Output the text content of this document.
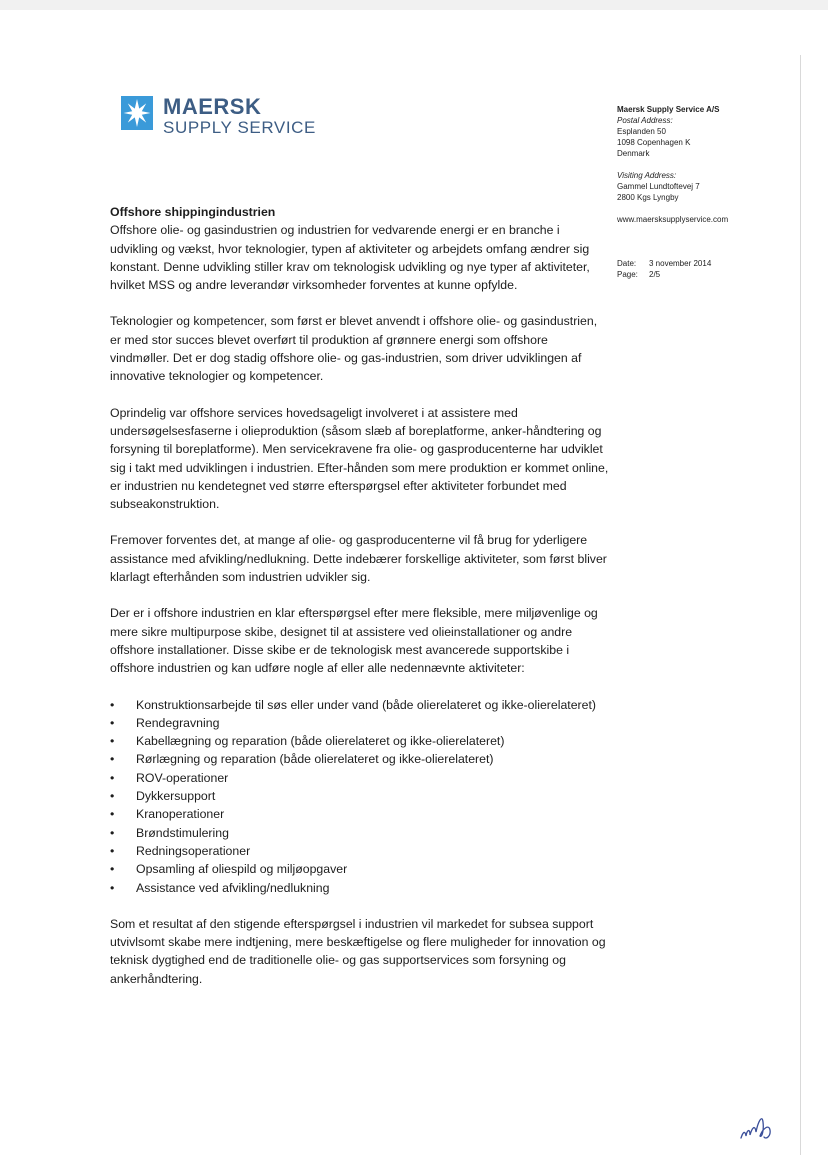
MAERSK
SUPPLY SERVICE
Maersk Supply Service A/S
Postal Address:
Esplanden 50
1098 Copenhagen K
Denmark
Visiting Address:
Gammel Lundtoftevej 7
2800 Kgs Lyngby
www.maersksupplyservice.com
Date:	3 november 2014
Page:	2/5
Offshore shippingindustrien

Offshore olie- og gasindustrien og industrien for vedvarende energi er en branche i udvikling og vækst, hvor teknologier, typen af aktiviteter og arbejdets omfang ændrer sig konstant. Denne udvikling stiller krav om teknologisk udvikling og nye typer af aktiviteter, hvilket MSS og andre leverandør virksomheder forventes at kunne opfylde.

Teknologier og kompetencer, som først er blevet anvendt i offshore olie- og gasindustrien, er med stor succes blevet overført til produktion af grønnere energi som offshore vindmøller. Det er dog stadig offshore olie- og gas-industrien, som driver udviklingen af innovative teknologier og kompetencer.

Oprindelig var offshore services hovedsageligt involveret i at assistere med undersøgelsesfaserne i olieproduktion (såsom slæb af boreplatforme, anker-håndtering og forsyning til boreplatforme). Men servicekravene fra olie- og gasproducenterne har udviklet sig i takt med udviklingen i industrien. Efter-hånden som mere produktion er kommet online, er industrien nu kendetegnet ved større efterspørgsel efter aktiviteter forbundet med subseakonstruktion.

Fremover forventes det, at mange af olie- og gasproducenterne vil få brug for yderligere assistance med afvikling/nedlukning. Dette indebærer forskellige aktiviteter, som først bliver klarlagt efterhånden som industrien udvikler sig.

Der er i offshore industrien en klar efterspørgsel efter mere fleksible, mere miljøvenlige og mere sikre multipurpose skibe, designet til at assistere ved olieinstallationer og andre offshore installationer. Disse skibe er de teknologisk mest avancerede supportskibe i offshore industrien og kan udføre nogle af eller alle nedennævnte aktiviteter:

• Konstruktionsarbejde til søs eller under vand (både olierelateret og ikke-olierelateret)
• Rendegravning
• Kabellægning og reparation (både olierelateret og ikke-olierelateret)
• Rørlægning og reparation (både olierelateret og ikke-olierelateret)
• ROV-operationer
• Dykkersupport
• Kranoperationer
• Brøndstimulering
• Redningsoperationer
• Opsamling af oliespild og miljøopgaver
• Assistance ved afvikling/nedlukning

Som et resultat af den stigende efterspørgsel i industrien vil markedet for subsea support utvivlsomt skabe mere indtjening, mere beskæftigelse og flere muligheder for innovation og teknisk dygtighed end de traditionelle olie- og gas supportservices som forsyning og ankerhåndtering.
